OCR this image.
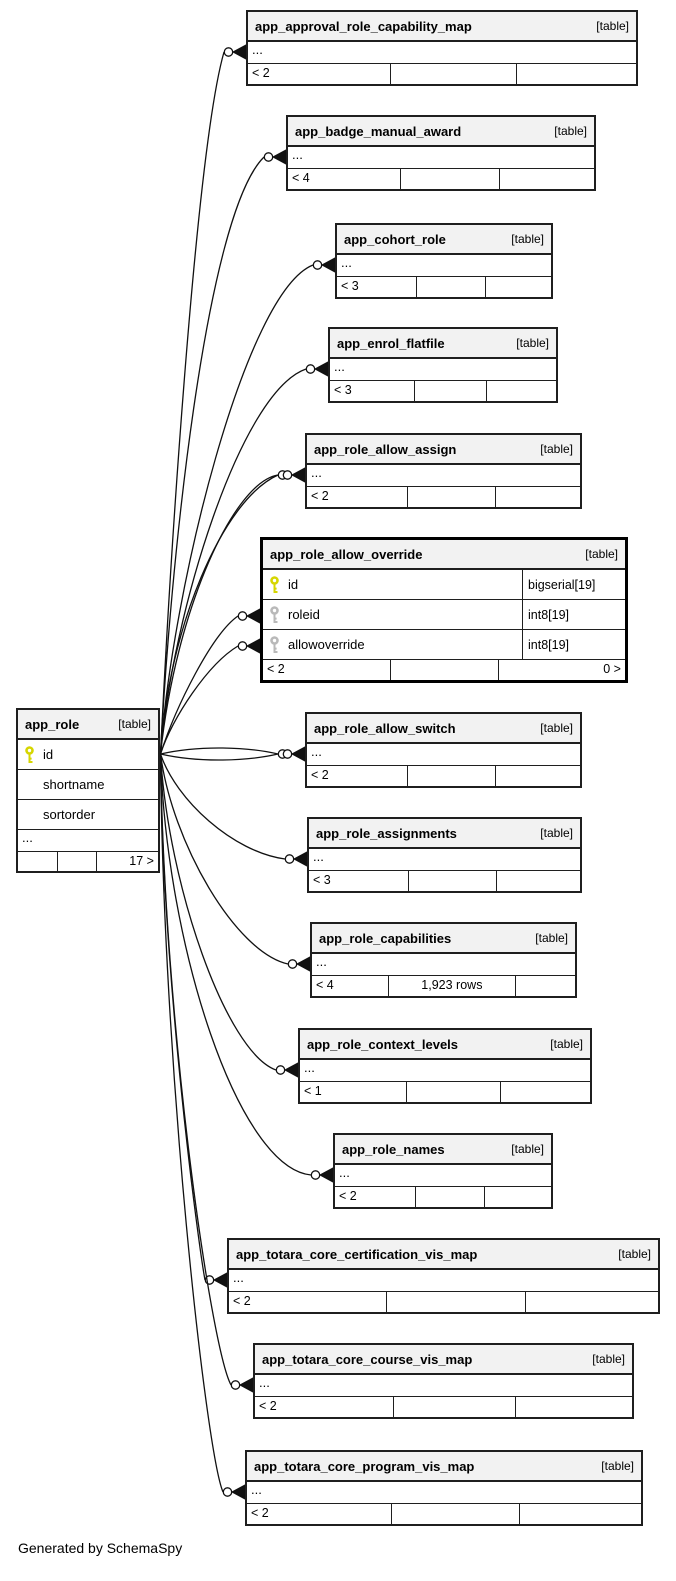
app_approval_role_capability_map	[table]
...
< 2
app_badge_manual_award	[table]
...
< 4
app_cohort_role	[table]
...
< 3
app_enrol_flatfile	[table]
...
< 3
app_role_allow_assign	[table]
...
< 2
app_role_allow_override	[table]
id	bigserial[19]
roleid	int8[19]
allowoverride	int8[19]
< 2	0 >
app_role	[table]
id
shortname
sortorder
...
17 >
app_role_allow_switch	[table]
...
< 2
app_role_assignments	[table]
...
< 3
app_role_capabilities	[table]
...
< 4	1,923 rows
app_role_context_levels	[table]
...
< 1
app_role_names	[table]
...
< 2
app_totara_core_certification_vis_map	[table]
...
< 2
app_totara_core_course_vis_map	[table]
...
< 2
app_totara_core_program_vis_map	[table]
...
< 2
Generated by SchemaSpy
